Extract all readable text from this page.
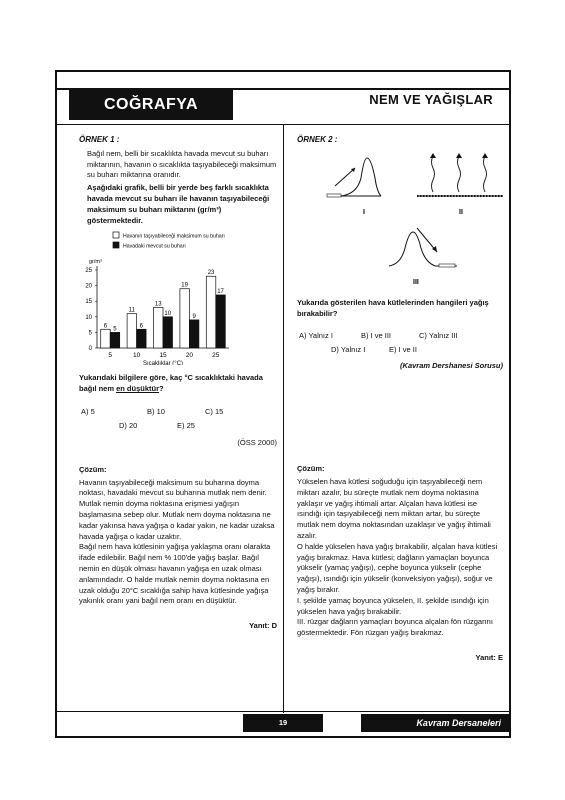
COĞRAFYA	NEM VE YAĞIŞLAR

ÖRNEK 1 :

Bağıl nem, belli bir sıcaklıkta havada mevcut su buharı miktarının, havanın o sıcaklıkta taşıyabileceği maksimum su buharı miktarına oranıdır.

Aşağıdaki grafik, belli bir yerde beş farklı sıcaklıkta havada mevcut su buharı ile havanın taşıyabileceği maksimum su buharı miktarını (gr/m³) göstermektedir.

Havanın taşıyabileceği maksimum su buharı
Havadaki mevcut su buharı
gr/m³
0
5
10
15
20
25
6
5
5
11
6
10
13
10
15
19
9
20
23
17
25
Sıcaklıklar (°C)

Yukarıdaki bilgilere göre, kaç °C sıcaklıktaki havada bağıl nem en düşüktür?

A) 5	B) 10	C) 15
D) 20	E) 25

(ÖSS 2000)

Çözüm:

Havanın taşıyabileceği maksimum su buharına doyma noktası, havadaki mevcut su buharına mutlak nem denir.

Mutlak nemin doyma noktasına erişmesi yağışın başlamasına sebep olur. Mutlak nem doyma noktasına ne kadar yakınsa hava yağışa o kadar yakın, ne kadar uzaksa havada yağışa o kadar uzaktır.

Bağıl nem hava kütlesinin yağışa yaklaşma oranı olaraktа ifade edilebilir. Bağıl nem % 100'de yağış başlar. Bağıl nemin en düşük olması havanın yağışa en uzak olması anlamındadır. O halde mutlak nemin doyma noktasına en uzak olduğu 20°C sıcaklığa sahip hava kütlesinde yağışa yakınlık oranı yani bağıl nem oranı en düşüktür.

Yanıt: D

ÖRNEK 2 :

I	II
III

Yukarıda gösterilen hava kütlelerinden hangileri yağış bırakabilir?

A) Yalnız I	B) I ve III	C) Yalnız III
D) Yalnız I	E) I ve II

(Kavram Dershanesi Sorusu)

Çözüm:

Yükselen hava kütlesi soğuduğu için taşıyabileceği nem miktarı azalır, bu süreçte mutlak nem doyma noktasına yaklaşır ve yağış ihtimali artar. Alçalan hava kütlesi ise ısındığı için taşıyabileceği nem miktarı artar, bu süreçte mutlak nem doyma noktasından uzaklaşır ve yağış ihtimali azalır.

O halde yükselen hava yağış bırakabilir, alçalan hava kütlesi yağış bırakmaz. Hava kütlesi; dağların yamaçları boyunca yükselir (yamaç yağışı), cephe boyunca yükselir (cephe yağışı), ısındığı için yükselir (konveksiyon yağışı), soğur ve yağış bırakır.

I. şekilde yamaç boyunca yükselen, II. şekilde ısındığı için yükselen hava yağış bırakabilir.

III. rüzgar dağların yamaçları boyunca alçalan fön rüzgarını göstermektedir. Fön rüzgarı yağış bırakmaz.

Yanıt: E

19	Kavram Dersaneleri
